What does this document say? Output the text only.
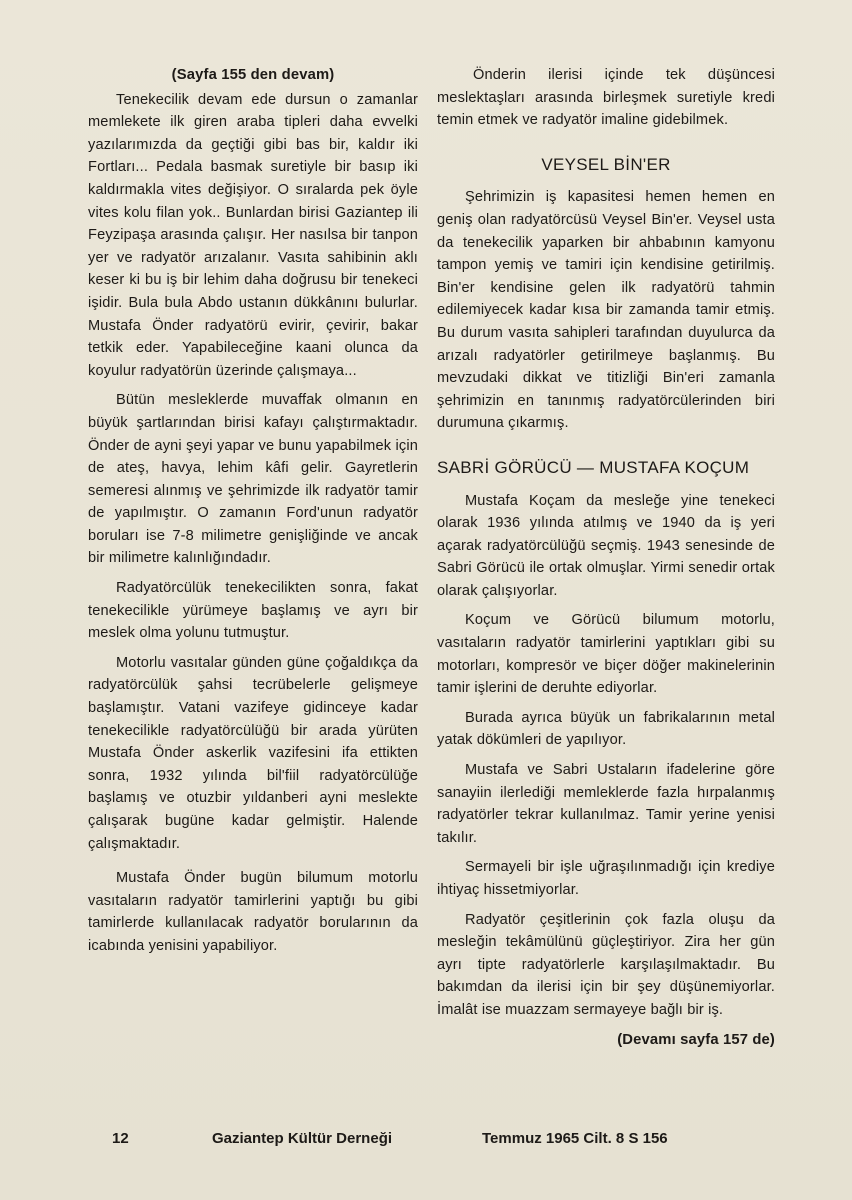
(Sayfa 155 den devam)

Tenekecilik devam ede dursun o zamanlar memlekete ilk giren araba tipleri daha evvelki yazılarımızda da geçtiği gibi bas bir, kaldır iki Fortları... Pedala basmak suretiyle bir basıp iki kaldırmakla vites değişiyor. O sıralarda pek öyle vites kolu filan yok.. Bunlardan birisi Gaziantep ili Feyzipaşa arasında çalışır. Her nasılsa bir tanpon yer ve radyatör arızalanır. Vasıta sahibinin aklı keser ki bu iş bir lehim daha doğrusu bir tenekeci işidir. Bula bula Abdo ustanın dükkânını bulurlar. Mustafa Önder radyatörü evirir, çevirir, bakar tetkik eder. Yapabileceğine kaani olunca da koyulur radyatörün üzerinde çalışmaya...

Bütün mesleklerde muvaffak olmanın en büyük şartlarından birisi kafayı çalıştırmaktadır. Önder de ayni şeyi yapar ve bunu yapabilmek için de ateş, havya, lehim kâfi gelir. Gayretlerin semeresi alınmış ve şehrimizde ilk radyatör tamir de yapılmıştır. O zamanın Ford'unun radyatör boruları ise 7-8 milimetre genişliğinde ve ancak bir milimetre kalınlığındadır.

Radyatörcülük tenekecilikten sonra, fakat tenekecilikle yürümeye başlamış ve ayrı bir meslek olma yolunu tutmuştur.

Motorlu vasıtalar günden güne çoğaldıkça da radyatörcülük şahsi tecrübelerle gelişmeye başlamıştır. Vatani vazifeye gidinceye kadar tenekecilikle radyatörcülüğü bir arada yürüten Mustafa Önder askerlik vazifesini ifa ettikten sonra, 1932 yılında bil'fiil radyatörcülüğe başlamış ve otuzbir yıldanberi ayni meslekte çalışarak bugüne kadar gelmiştir. Halende çalışmaktadır.

Mustafa Önder bugün bilumum motorlu vasıtaların radyatör tamirlerini yaptığı bu gibi tamirlerde kullanılacak radyatör borularının da icabında yenisini yapabiliyor.

Önderin ilerisi içinde tek düşüncesi meslektaşları arasında birleşmek suretiyle kredi temin etmek ve radyatör imaline gidebilmek.

VEYSEL BİN'ER

Şehrimizin iş kapasitesi hemen hemen en geniş olan radyatörcüsü Veysel Bin'er. Veysel usta da tenekecilik yaparken bir ahbabının kamyonu tampon yemiş ve tamiri için kendisine getirilmiş. Bin'er kendisine gelen ilk radyatörü tahmin edilemiyecek kadar kısa bir zamanda tamir etmiş. Bu durum vasıta sahipleri tarafından duyulurca da arızalı radyatörler getirilmeye başlanmış. Bu mevzudaki dikkat ve titizliği Bin'eri zamanla şehrimizin en tanınmış radyatörcülerinden biri durumuna çıkarmış.

SABRİ GÖRÜCÜ — MUSTAFA KOÇUM

Mustafa Koçam da mesleğe yine tenekeci olarak 1936 yılında atılmış ve 1940 da iş yeri açarak radyatörcülüğü seçmiş. 1943 senesinde de Sabri Görücü ile ortak olmuşlar. Yirmi senedir ortak olarak çalışıyorlar.

Koçum ve Görücü bilumum motorlu, vasıtaların radyatör tamirlerini yaptıkları gibi su motorları, kompresör ve biçer döğer makinelerinin tamir işlerini de deruhte ediyorlar.

Burada ayrıca büyük un fabrikalarının metal yatak dökümleri de yapılıyor.

Mustafa ve Sabri Ustaların ifadelerine göre sanayiin ilerlediği memleklerde fazla hırpalanmış radyatörler tekrar kullanılmaz. Tamir yerine yenisi takılır.

Sermayeli bir işle uğraşılınmadığı için krediye ihtiyaç hissetmiyorlar.

Radyatör çeşitlerinin çok fazla oluşu da mesleğin tekâmülünü güçleştiriyor. Zira her gün ayrı tipte radyatörlerle karşılaşılmaktadır. Bu bakımdan da ilerisi için bir şey düşünemiyorlar. İmalât ise muazzam sermayeye bağlı bir iş.

(Devamı sayfa 157 de)
12	Gaziantep Kültür Derneği	Temmuz 1965 Cilt. 8 S 156
